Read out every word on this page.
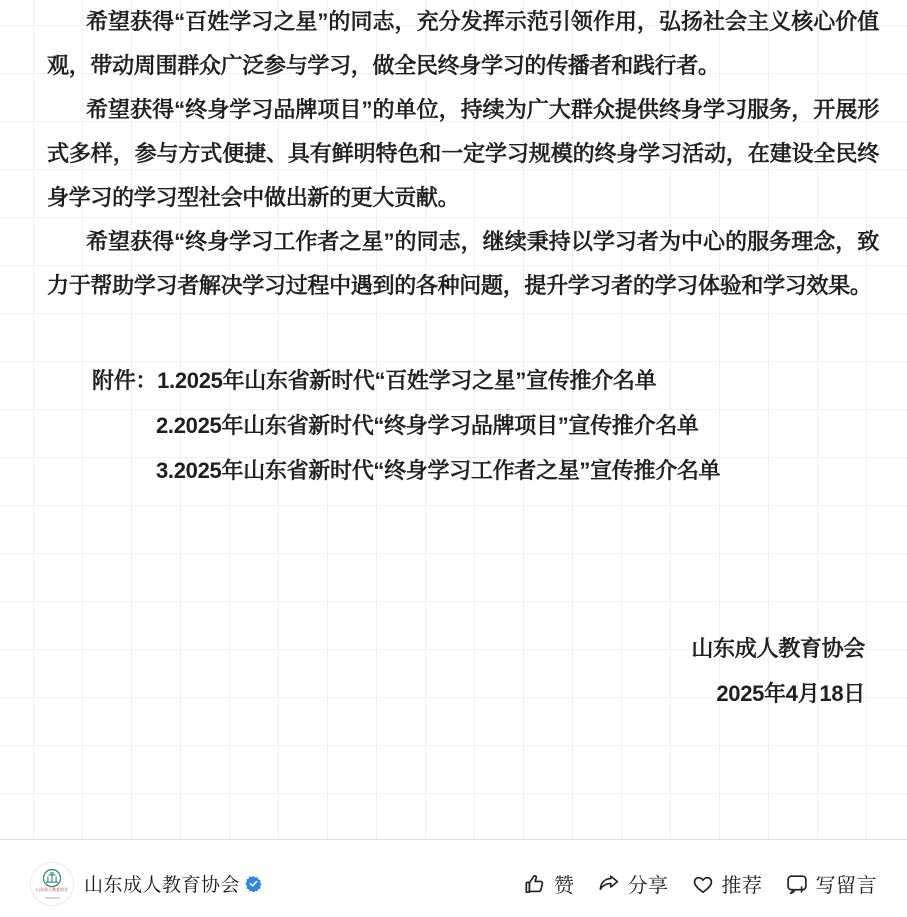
希望获得“百姓学习之星”的同志，充分发挥示范引领作用，弘扬社会主义核心价值观，带动周围群众广泛参与学习，做全民终身学习的传播者和践行者。

希望获得“终身学习品牌项目”的单位，持续为广大群众提供终身学习服务，开展形式多样，参与方式便捷、具有鲜明特色和一定学习规模的终身学习活动，在建设全民终身学习的学习型社会中做出新的更大贡献。

希望获得“终身学习工作者之星”的同志，继续秉持以学习者为中心的服务理念，致力于帮助学习者解决学习过程中遇到的各种问题，提升学习者的学习体验和学习效果。

附件：1.2025年山东省新时代“百姓学习之星”宣传推介名单
2.2025年山东省新时代“终身学习品牌项目”宣传推介名单
3.2025年山东省新时代“终身学习工作者之星”宣传推介名单
山东成人教育协会
2025年4月18日
山东成人教育协会 山东成人教育协会	赞	分享	推荐	写留言
